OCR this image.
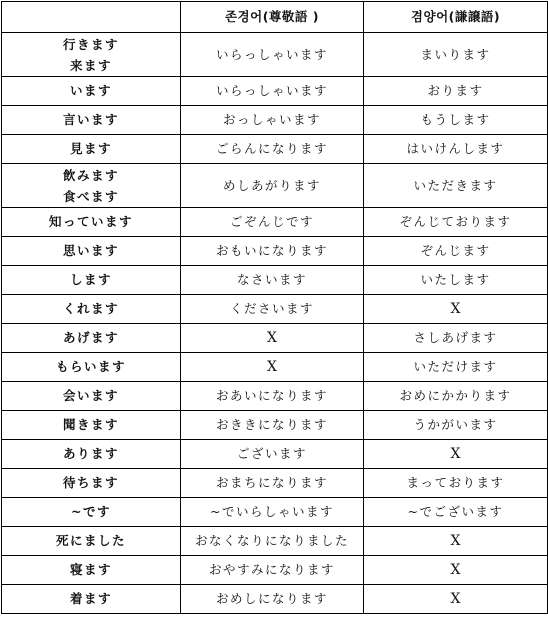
	존경어(尊敬語 )	겸양어(謙譲語)

行きます
来ます	いらっしゃいます	まいります
います	いらっしゃいます	おります
言います	おっしゃいます	もうします
見ます	ごらんになります	はいけんします

飲みます
食べます	めしあがります	いただきます
知っています	ごぞんじです	ぞんじております
思います	おもいになります	ぞんじます
します	なさいます	いたします
くれます	くださいます	X
あげます	X	さしあげます
もらいます	X	いただけます
会います	おあいになります	おめにかかります
聞きます	おききになります	うかがいます
あります	ございます	X
待ちます	おまちになります	まっております
~です	~でいらしゃいます	~でございます
死にました	おなくなりになりました	X
寝ます	おやすみになります	X
着ます	おめしになります	X
